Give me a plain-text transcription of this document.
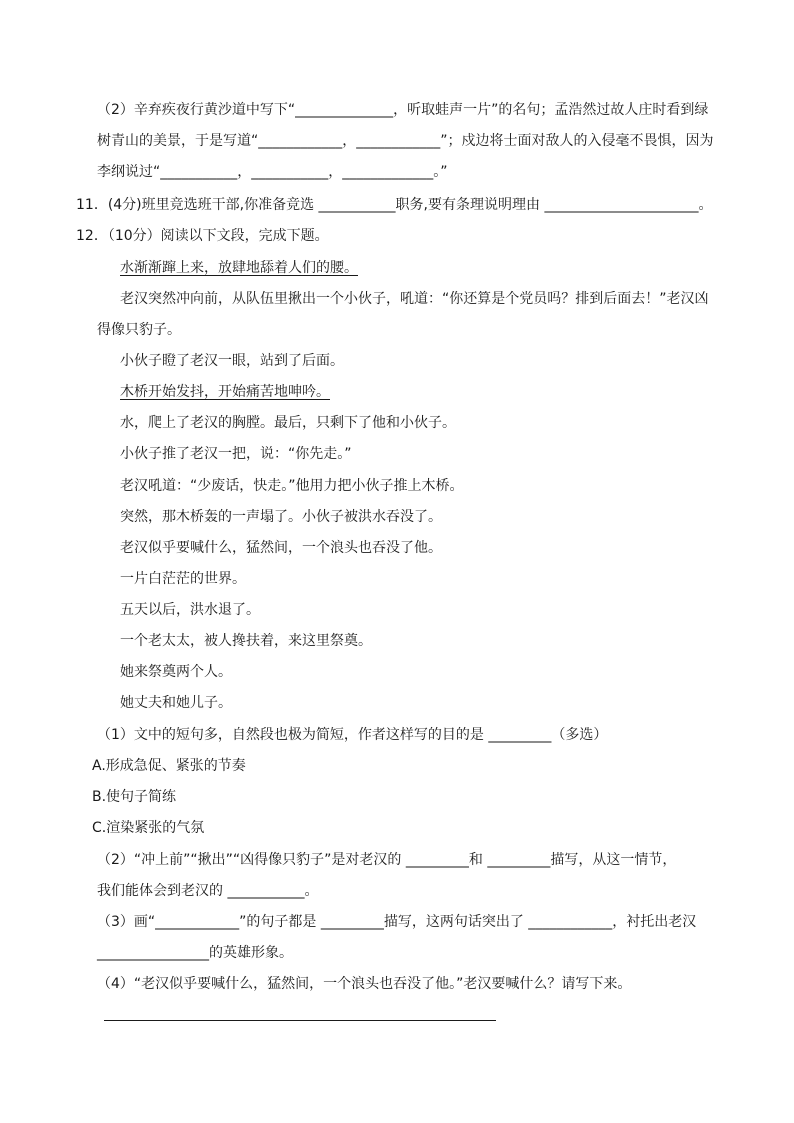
（2）辛弃疾夜行黄沙道中写下“______________，听取蛙声一片”的名句；孟浩然过故人庄时看到绿
树青山的美景，于是写道“____________，____________”；戍边将士面对敌人的入侵毫不畏惧，因为
李纲说过“___________，___________，_____________。”
11．(4分)班里竞选班干部,你准备竞选 ___________职务,要有条理说明理由 ______________________。
12．（10分）阅读以下文段，完成下题。
水渐渐蹿上来，放肆地舔着人们的腰。
老汉突然冲向前，从队伍里揪出一个小伙子，吼道：“你还算是个党员吗？排到后面去！”老汉凶
得像只豹子。
小伙子瞪了老汉一眼，站到了后面。
木桥开始发抖，开始痛苦地呻吟。
水，爬上了老汉的胸膛。最后，只剩下了他和小伙子。
小伙子推了老汉一把，说：“你先走。”
老汉吼道：“少废话，快走。”他用力把小伙子推上木桥。
突然，那木桥轰的一声塌了。小伙子被洪水吞没了。
老汉似乎要喊什么，猛然间，一个浪头也吞没了他。
一片白茫茫的世界。
五天以后，洪水退了。
一个老太太，被人搀扶着，来这里祭奠。
她来祭奠两个人。
她丈夫和她儿子。
（1）文中的短句多，自然段也极为简短，作者这样写的目的是 _________（多选）
A.形成急促、紧张的节奏
B.使句子简练
C.渲染紧张的气氛
（2）“冲上前”“揪出”“凶得像只豹子”是对老汉的 _________和 _________描写，从这一情节，
我们能体会到老汉的 ___________。
（3）画“____________”的句子都是 _________描写，这两句话突出了 ____________，衬托出老汉
________________的英雄形象。
（4）“老汉似乎要喊什么，猛然间，一个浪头也吞没了他。”老汉要喊什么？请写下来。
